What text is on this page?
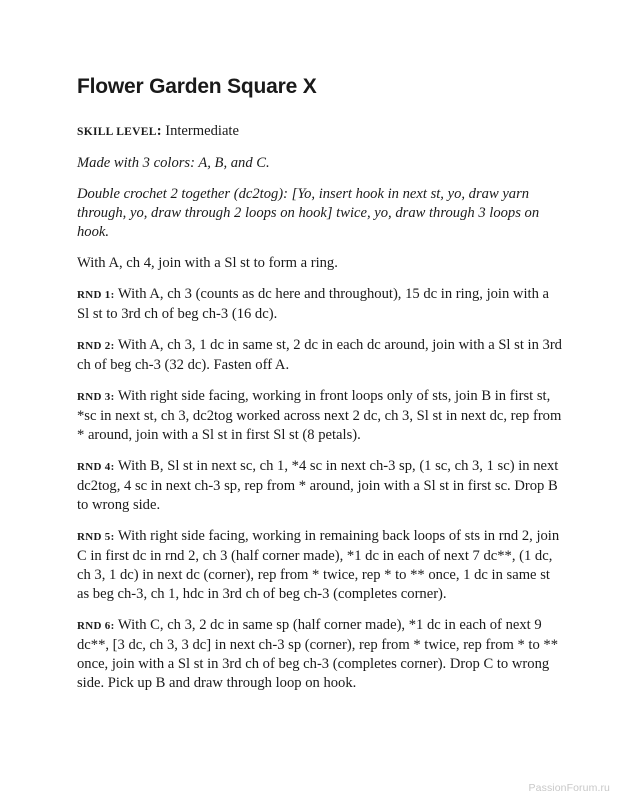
Flower Garden Square X

SKILL LEVEL: Intermediate

Made with 3 colors: A, B, and C.

Double crochet 2 together (dc2tog): [Yo, insert hook in next st, yo, draw yarn through, yo, draw through 2 loops on hook] twice, yo, draw through 3 loops on hook.

With A, ch 4, join with a Sl st to form a ring.

RND 1: With A, ch 3 (counts as dc here and throughout), 15 dc in ring, join with a Sl st to 3rd ch of beg ch-3 (16 dc).

RND 2: With A, ch 3, 1 dc in same st, 2 dc in each dc around, join with a Sl st in 3rd ch of beg ch-3 (32 dc). Fasten off A.

RND 3: With right side facing, working in front loops only of sts, join B in first st, *sc in next st, ch 3, dc2tog worked across next 2 dc, ch 3, Sl st in next dc, rep from * around, join with a Sl st in first Sl st (8 petals).

RND 4: With B, Sl st in next sc, ch 1, *4 sc in next ch-3 sp, (1 sc, ch 3, 1 sc) in next dc2tog, 4 sc in next ch-3 sp, rep from * around, join with a Sl st in first sc. Drop B to wrong side.

RND 5: With right side facing, working in remaining back loops of sts in rnd 2, join C in first dc in rnd 2, ch 3 (half corner made), *1 dc in each of next 7 dc**, (1 dc, ch 3, 1 dc) in next dc (corner), rep from * twice, rep * to ** once, 1 dc in same st as beg ch-3, ch 1, hdc in 3rd ch of beg ch-3 (completes corner).

RND 6: With C, ch 3, 2 dc in same sp (half corner made), *1 dc in each of next 9 dc**, [3 dc, ch 3, 3 dc] in next ch-3 sp (corner), rep from * twice, rep from * to ** once, join with a Sl st in 3rd ch of beg ch-3 (completes corner). Drop C to wrong side. Pick up B and draw through loop on hook.

PassionForum.ru
